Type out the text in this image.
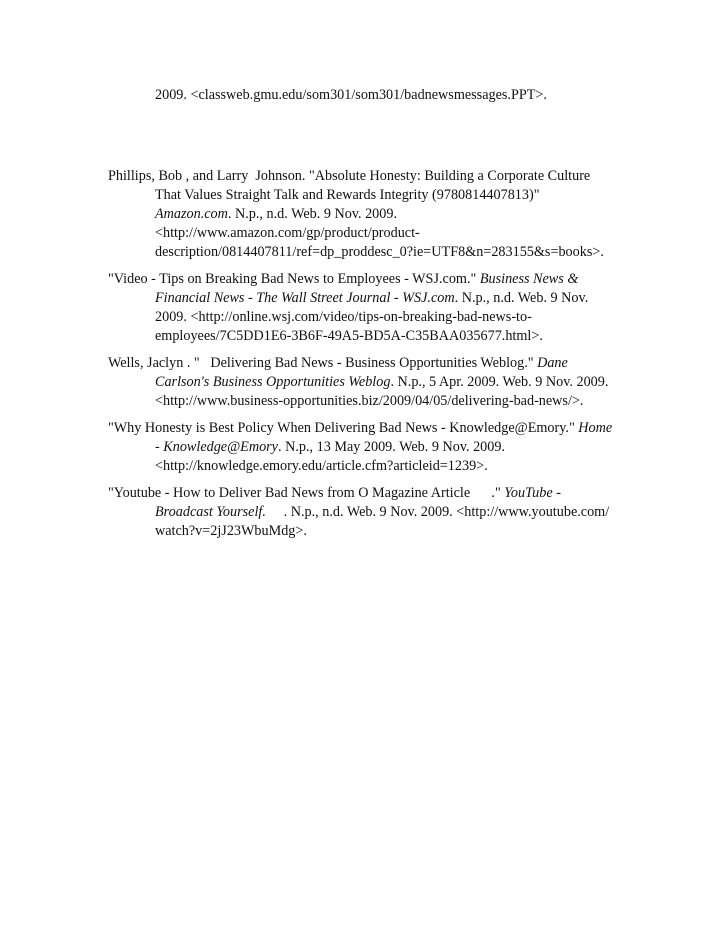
2009. <classweb.gmu.edu/som301/som301/badnewsmessages.PPT>.
Phillips, Bob , and Larry  Johnson. "Absolute Honesty: Building a Corporate Culture
That Values Straight Talk and Rewards Integrity (9780814407813)"
Amazon.com. N.p., n.d. Web. 9 Nov. 2009.
<http://www.amazon.com/gp/product/product-
description/0814407811/ref=dp_proddesc_0?ie=UTF8&n=283155&s=books>.
"Video - Tips on Breaking Bad News to Employees - WSJ.com." Business News &
Financial News - The Wall Street Journal - WSJ.com. N.p., n.d. Web. 9 Nov.
2009. <http://online.wsj.com/video/tips-on-breaking-bad-news-to-
employees/7C5DD1E6-3B6F-49A5-BD5A-C35BAA035677.html>.
Wells, Jaclyn . "   Delivering Bad News - Business Opportunities Weblog." Dane
Carlson's Business Opportunities Weblog. N.p., 5 Apr. 2009. Web. 9 Nov. 2009.
<http://www.business-opportunities.biz/2009/04/05/delivering-bad-news/>.
"Why Honesty is Best Policy When Delivering Bad News - Knowledge@Emory." Home
- Knowledge@Emory. N.p., 13 May 2009. Web. 9 Nov. 2009.
<http://knowledge.emory.edu/article.cfm?articleid=1239>.
"Youtube - How to Deliver Bad News from O Magazine Article      ." YouTube -
Broadcast Yourself.     . N.p., n.d. Web. 9 Nov. 2009. <http://www.youtube.com/
watch?v=2jJ23WbuMdg>.
